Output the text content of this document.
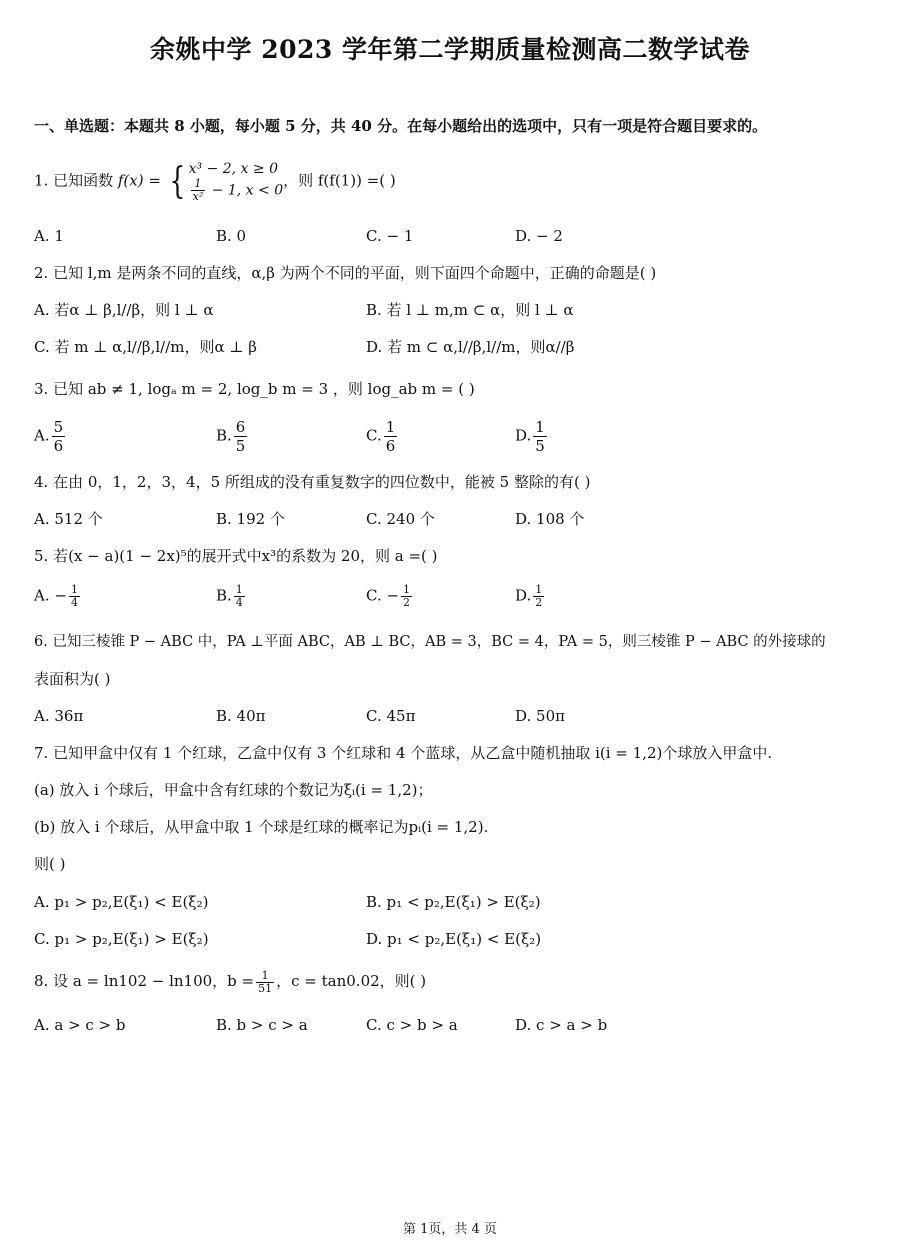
余姚中学 2023 学年第二学期质量检测高二数学试卷
一、单选题：本题共 8 小题，每小题 5 分，共 40 分。在每小题给出的选项中，只有一项是符合题目要求的。
1. 已知函数 f(x) = { x³ − 2, x ≥ 0
$\frac{1}{\text{x²}} - 1$, x < 0
，则 f(f(1)) =( )
A. 1	B. 0	C. − 1	D. − 2
2. 已知 l,m 是两条不同的直线，α,β 为两个不同的平面，则下面四个命题中，正确的命题是( )
A. 若α ⊥ β,l//β，则 l ⊥ α	B. 若 l ⊥ m,m ⊂ α，则 l ⊥ α
C. 若 m ⊥ α,l//β,l//m，则α ⊥ β	D. 若 m ⊂ α,l//β,l//m，则α//β
3. 已知 ab ≠ 1, logₐ m = 2, log_b m = 3 ，则 log_ab m = ( )
A. $\frac{5}{6}$	B. $\frac{6}{5}$	C. $\frac{1}{6}$	D. $\frac{1}{5}$
4. 在由 0，1，2，3，4，5 所组成的没有重复数字的四位数中，能被 5 整除的有( )
A. 512 个	B. 192 个	C. 240 个	D. 108 个
5. 若(x − a)(1 − 2x)⁵的展开式中x³的系数为 20，则 a =( )
A. − $\frac{1}{4}$	B. $\frac{1}{4}$	C. − $\frac{1}{2}$	D. $\frac{1}{2}$
6. 已知三棱锥 P − ABC 中，PA ⊥平面 ABC，AB ⊥ BC，AB = 3，BC = 4，PA = 5，则三棱锥 P − ABC 的外接球的
表面积为( )
A. 36π	B. 40π	C. 45π	D. 50π
7. 已知甲盒中仅有 1 个红球，乙盒中仅有 3 个红球和 4 个蓝球，从乙盒中随机抽取 i(i = 1,2)个球放入甲盒中.
(a) 放入 i 个球后，甲盒中含有红球的个数记为ξᵢ(i = 1,2)；
(b) 放入 i 个球后，从甲盒中取 1 个球是红球的概率记为pᵢ(i = 1,2).
则( )
A. p₁ > p₂,E(ξ₁) < E(ξ₂)	B. p₁ < p₂,E(ξ₁) > E(ξ₂)
C. p₁ > p₂,E(ξ₁) > E(ξ₂)	D. p₁ < p₂,E(ξ₁) < E(ξ₂)
8. 设 a = ln102 − ln100，$b = \frac{1}{51}$ ，c = tan0.02，则( )
A. a > c > b	B. b > c > a	C. c > b > a	D. c > a > b
第 1页，共 4 页
